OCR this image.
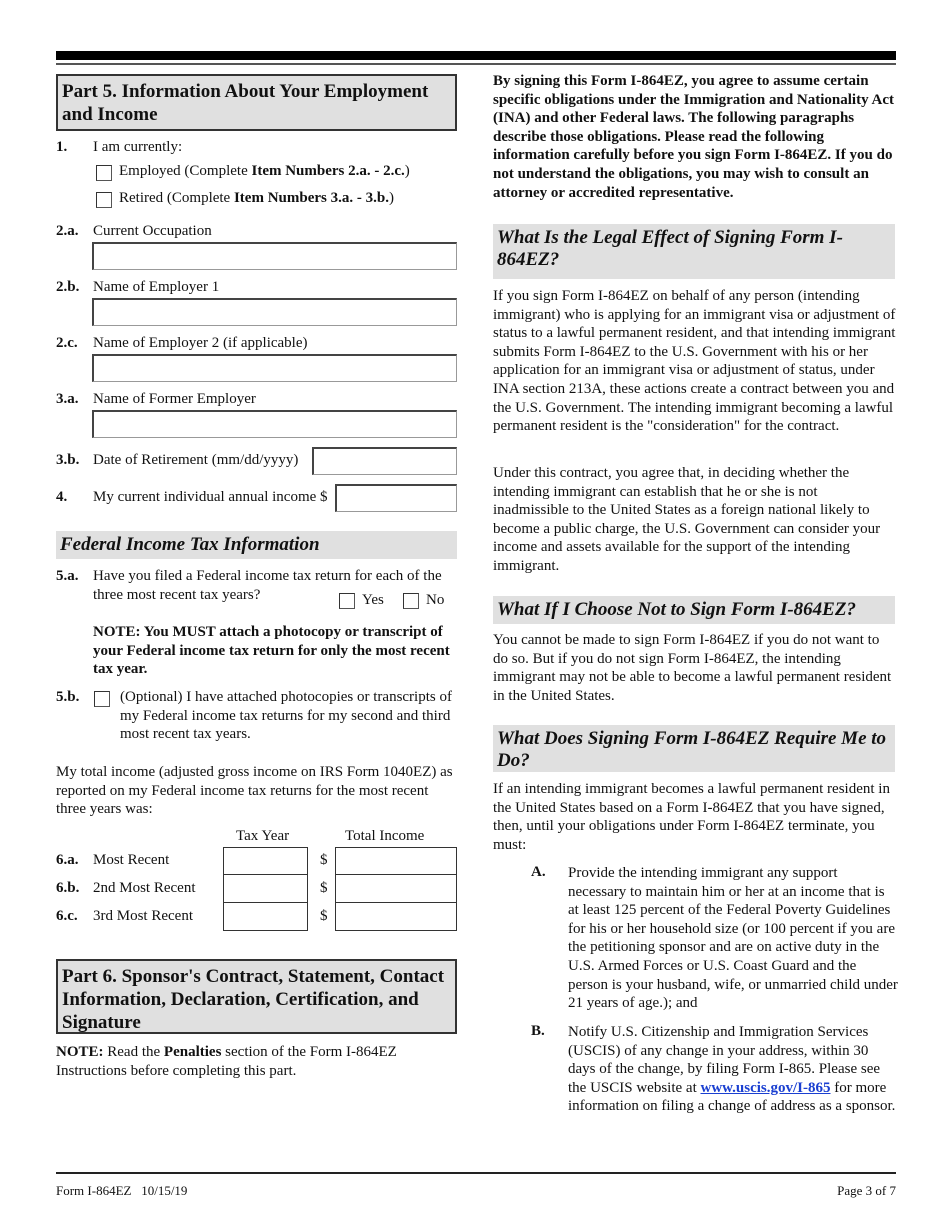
Part 5. Information About Your Employment and Income
1. I am currently:
Employed (Complete Item Numbers 2.a. - 2.c.)
Retired (Complete Item Numbers 3.a. - 3.b.)
2.a. Current Occupation
2.b. Name of Employer 1
2.c. Name of Employer 2 (if applicable)
3.a. Name of Former Employer
3.b. Date of Retirement (mm/dd/yyyy)
4. My current individual annual income $
Federal Income Tax Information
5.a. Have you filed a Federal income tax return for each of the
three most recent tax years?	Yes	No
NOTE: You MUST attach a photocopy or transcript of your Federal income tax return for only the most recent tax year.
5.b.	(Optional) I have attached photocopies or transcripts of my Federal income tax returns for my second and third most recent tax years.
My total income (adjusted gross income on IRS Form 1040EZ) as reported on my Federal income tax returns for the most recent three years was:
Tax Year	Total Income
6.a. Most Recent	$
6.b. 2nd Most Recent	$
6.c. 3rd Most Recent	$
Part 6. Sponsor's Contract, Statement, Contact Information, Declaration, Certification, and Signature
NOTE: Read the Penalties section of the Form I-864EZ Instructions before completing this part.
By signing this Form I-864EZ, you agree to assume certain specific obligations under the Immigration and Nationality Act (INA) and other Federal laws. The following paragraphs describe those obligations. Please read the following information carefully before you sign Form I-864EZ. If you do not understand the obligations, you may wish to consult an attorney or accredited representative.
What Is the Legal Effect of Signing Form I-864EZ?
If you sign Form I-864EZ on behalf of any person (intending immigrant) who is applying for an immigrant visa or adjustment of status to a lawful permanent resident, and that intending immigrant submits Form I-864EZ to the U.S. Government with his or her application for an immigrant visa or adjustment of status, under INA section 213A, these actions create a contract between you and the U.S. Government. The intending immigrant becoming a lawful permanent resident is the "consideration" for the contract.
Under this contract, you agree that, in deciding whether the intending immigrant can establish that he or she is not inadmissible to the United States as a foreign national likely to become a public charge, the U.S. Government can consider your income and assets available for the support of the intending immigrant.
What If I Choose Not to Sign Form I-864EZ?
You cannot be made to sign Form I-864EZ if you do not want to do so. But if you do not sign Form I-864EZ, the intending immigrant may not be able to become a lawful permanent resident in the United States.
What Does Signing Form I-864EZ Require Me to Do?
If an intending immigrant becomes a lawful permanent resident in the United States based on a Form I-864EZ that you have signed, then, until your obligations under Form I-864EZ terminate, you must:
A. Provide the intending immigrant any support necessary to maintain him or her at an income that is at least 125 percent of the Federal Poverty Guidelines for his or her household size (or 100 percent if you are the petitioning sponsor and are on active duty in the U.S. Armed Forces or U.S. Coast Guard and the person is your husband, wife, or unmarried child under 21 years of age.); and
B. Notify U.S. Citizenship and Immigration Services (USCIS) of any change in your address, within 30 days of the change, by filing Form I-865. Please see the USCIS website at www.uscis.gov/I-865 for more information on filing a change of address as a sponsor.
Form I-864EZ   10/15/19	Page 3 of 7
